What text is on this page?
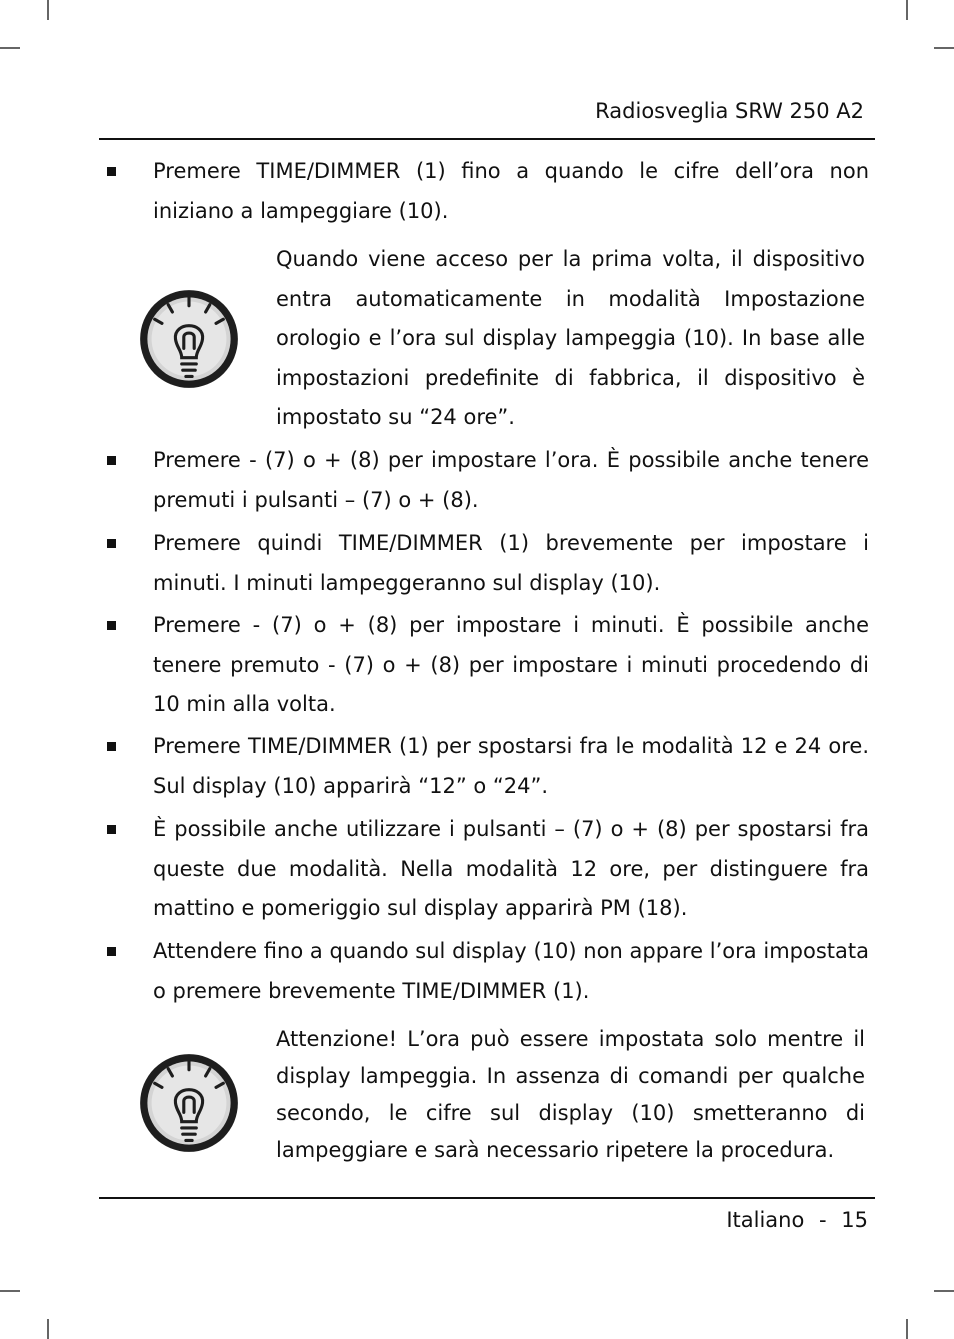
Radiosveglia SRW 250 A2
Premere TIME/DIMMER (1) fino a quando le cifre dell’ora non iniziano a lampeggiare (10).
Quando viene acceso per la prima volta, il dispositivo entra automaticamente in modalità Impostazione orologio e l’ora sul display lampeggia (10). In base alle impostazioni predefinite di fabbrica, il dispositivo è impostato su “24 ore”.
Premere - (7) o + (8) per impostare l’ora. È possibile anche tenere premuti i pulsanti – (7) o + (8).
Premere quindi TIME/DIMMER (1) brevemente per impostare i minuti. I minuti lampeggeranno sul display (10).
Premere - (7) o + (8) per impostare i minuti. È possibile anche tenere premuto - (7) o + (8) per impostare i minuti procedendo di 10 min alla volta.
Premere TIME/DIMMER (1) per spostarsi fra le modalità 12 e 24 ore. Sul display (10) apparirà “12” o “24”.
È possibile anche utilizzare i pulsanti – (7) o + (8) per spostarsi fra queste due modalità. Nella modalità 12 ore, per distinguere fra mattino e pomeriggio sul display apparirà PM (18).
Attendere fino a quando sul display (10) non appare l’ora impostata o premere brevemente TIME/DIMMER (1).
Attenzione! L’ora può essere impostata solo mentre il display lampeggia. In assenza di comandi per qualche secondo, le cifre sul display (10) smetteranno di lampeggiare e sarà necessario ripetere la procedura.
Italiano - 15
